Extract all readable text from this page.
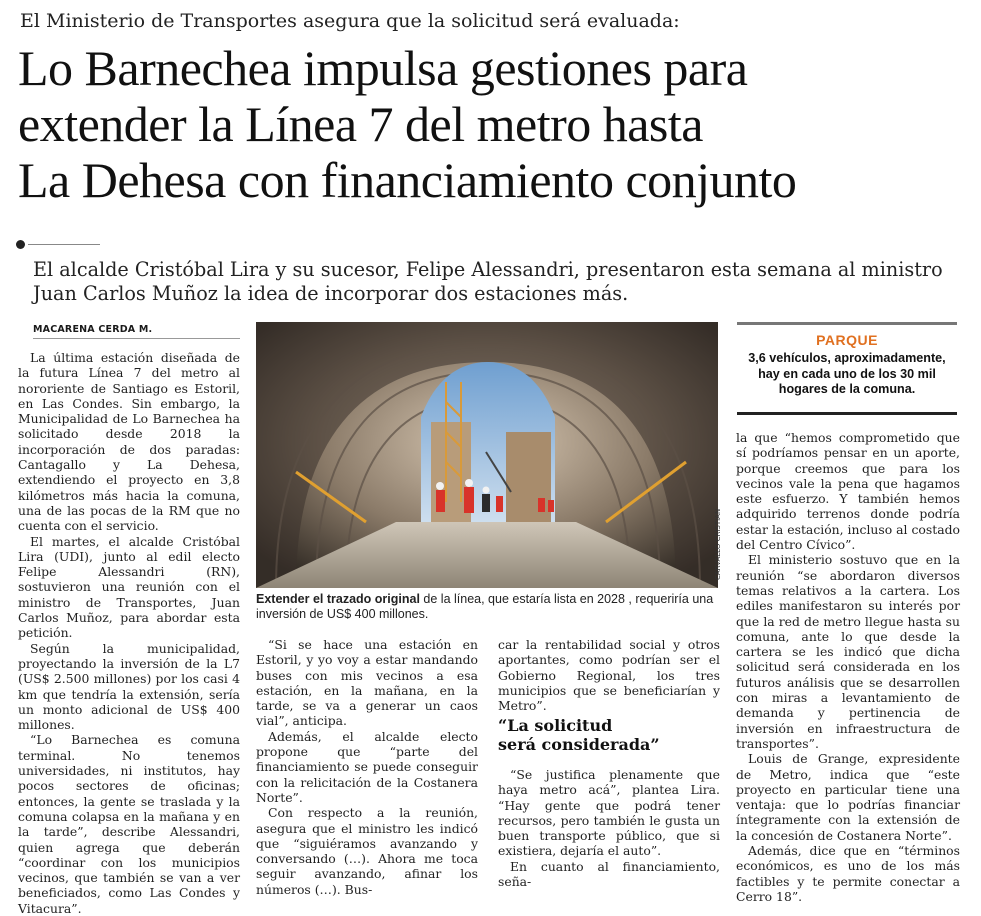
El Ministerio de Transportes asegura que la solicitud será evaluada:
Lo Barnechea impulsa gestiones para
extender la Línea 7 del metro hasta
La Dehesa con financiamiento conjunto
El alcalde Cristóbal Lira y su sucesor, Felipe Alessandri, presentaron esta semana al ministro Juan Carlos Muñoz la idea de incorporar dos estaciones más.
MACARENA CERDA M.

La última estación diseñada de la futura Línea 7 del metro al nororiente de Santiago es Estoril, en Las Condes. Sin embargo, la Municipalidad de Lo Barnechea ha solicitado desde 2018 la incorporación de dos paradas: Cantagallo y La Dehesa, extendiendo el proyecto en 3,8 kilómetros más hacia la comuna, una de las pocas de la RM que no cuenta con el servicio.

El martes, el alcalde Cristóbal Lira (UDI), junto al edil electo Felipe Alessandri (RN), sostuvieron una reunión con el ministro de Transportes, Juan Carlos Muñoz, para abordar esta petición.

Según la municipalidad, proyectando la inversión de la L7 (US$ 2.500 millones) por los casi 4 km que tendría la extensión, sería un monto adicional de US$ 400 millones.

“Lo Barnechea es comuna terminal. No tenemos universidades, ni institutos, hay pocos sectores de oficinas; entonces, la gente se traslada y la comuna colapsa en la mañana y en la tarde”, describe Alessandri, quien agrega que deberán “coordinar con los municipios vecinos, que también se van a ver beneficiados, como Las Condes y Vitacura”.

CARVALLO CRISTIAN
Extender el trazado original de la línea, que estaría lista en 2028 , requeriría una inversión de US$ 400 millones.
PARQUE
3,6 vehículos, aproximadamente, hay en cada uno de los 30 mil hogares de la comuna.

“Si se hace una estación en Estoril, y yo voy a estar mandando buses con mis vecinos a esa estación, en la mañana, en la tarde, se va a generar un caos vial”, anticipa.

Además, el alcalde electo propone que “parte del financiamiento se puede conseguir con la relicitación de la Costanera Norte”.

Con respecto a la reunión, asegura que el ministro les indicó que “siguiéramos avanzando y conversando (…). Ahora me toca seguir avanzando, afinar los números (…). Bus-

car la rentabilidad social y otros aportantes, como podrían ser el Gobierno Regional, los tres municipios que se beneficiarían y Metro”.

“La solicitud
será considerada”

“Se justifica plenamente que haya metro acá”, plantea Lira. “Hay gente que podrá tener recursos, pero también le gusta un buen transporte público, que si existiera, dejaría el auto”.

En cuanto al financiamiento, seña-

la que “hemos comprometido que sí podríamos pensar en un aporte, porque creemos que para los vecinos vale la pena que hagamos este esfuerzo. Y también hemos adquirido terrenos donde podría estar la estación, incluso al costado del Centro Cívico”.

El ministerio sostuvo que en la reunión “se abordaron diversos temas relativos a la cartera. Los ediles manifestaron su interés por que la red de metro llegue hasta su comuna, ante lo que desde la cartera se les indicó que dicha solicitud será considerada en los futuros análisis que se desarrollen con miras a levantamiento de demanda y pertinencia de inversión en infraestructura de transportes”.

Louis de Grange, expresidente de Metro, indica que “este proyecto en particular tiene una ventaja: que lo podrías financiar íntegramente con la extensión de la concesión de Costanera Norte”.

Además, dice que en “términos económicos, es uno de los más factibles y te permite conectar a Cerro 18”.
